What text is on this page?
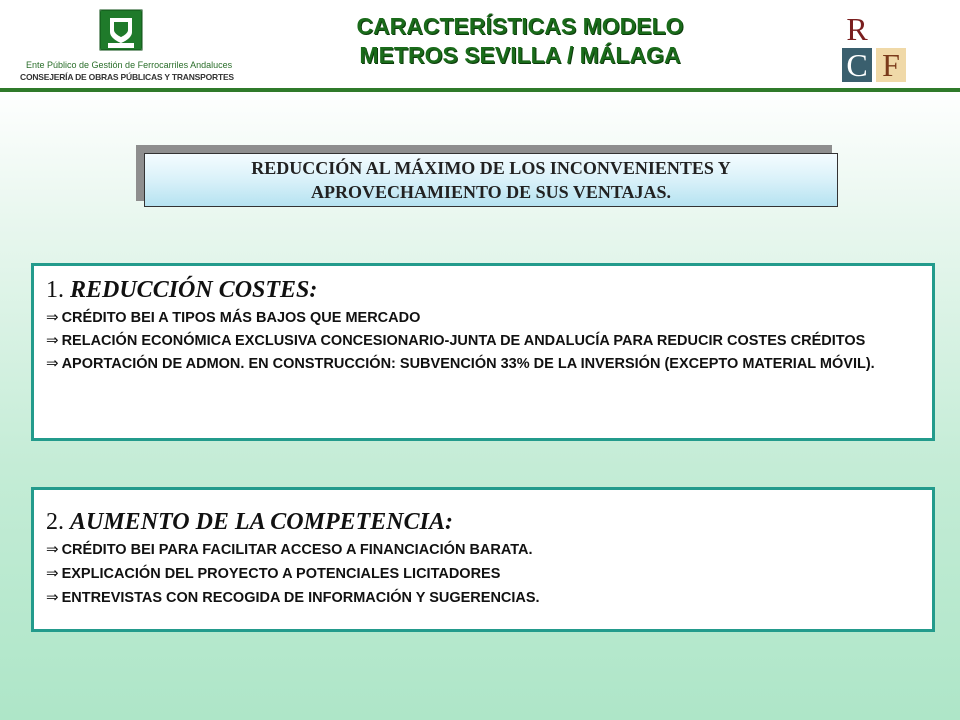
Ente Público de Gestión de Ferrocarriles Andaluces
CONSEJERÍA DE OBRAS PÚBLICAS Y TRANSPORTES
CARACTERÍSTICAS MODELO
METROS SEVILLA / MÁLAGA
R
C F
REDUCCIÓN AL MÁXIMO DE LOS INCONVENIENTES Y
APROVECHAMIENTO DE SUS VENTAJAS.
1. REDUCCIÓN COSTES:
⇒ CRÉDITO BEI A TIPOS MÁS BAJOS QUE MERCADO
⇒ RELACIÓN ECONÓMICA EXCLUSIVA CONCESIONARIO-JUNTA DE ANDALUCÍA PARA REDUCIR COSTES CRÉDITOS
⇒ APORTACIÓN DE ADMON. EN CONSTRUCCIÓN: SUBVENCIÓN 33% DE LA INVERSIÓN (EXCEPTO MATERIAL MÓVIL).
2. AUMENTO DE LA COMPETENCIA:
⇒ CRÉDITO BEI PARA FACILITAR ACCESO A FINANCIACIÓN BARATA.
⇒ EXPLICACIÓN DEL PROYECTO A POTENCIALES LICITADORES
⇒ ENTREVISTAS CON RECOGIDA DE INFORMACIÓN Y SUGERENCIAS.
